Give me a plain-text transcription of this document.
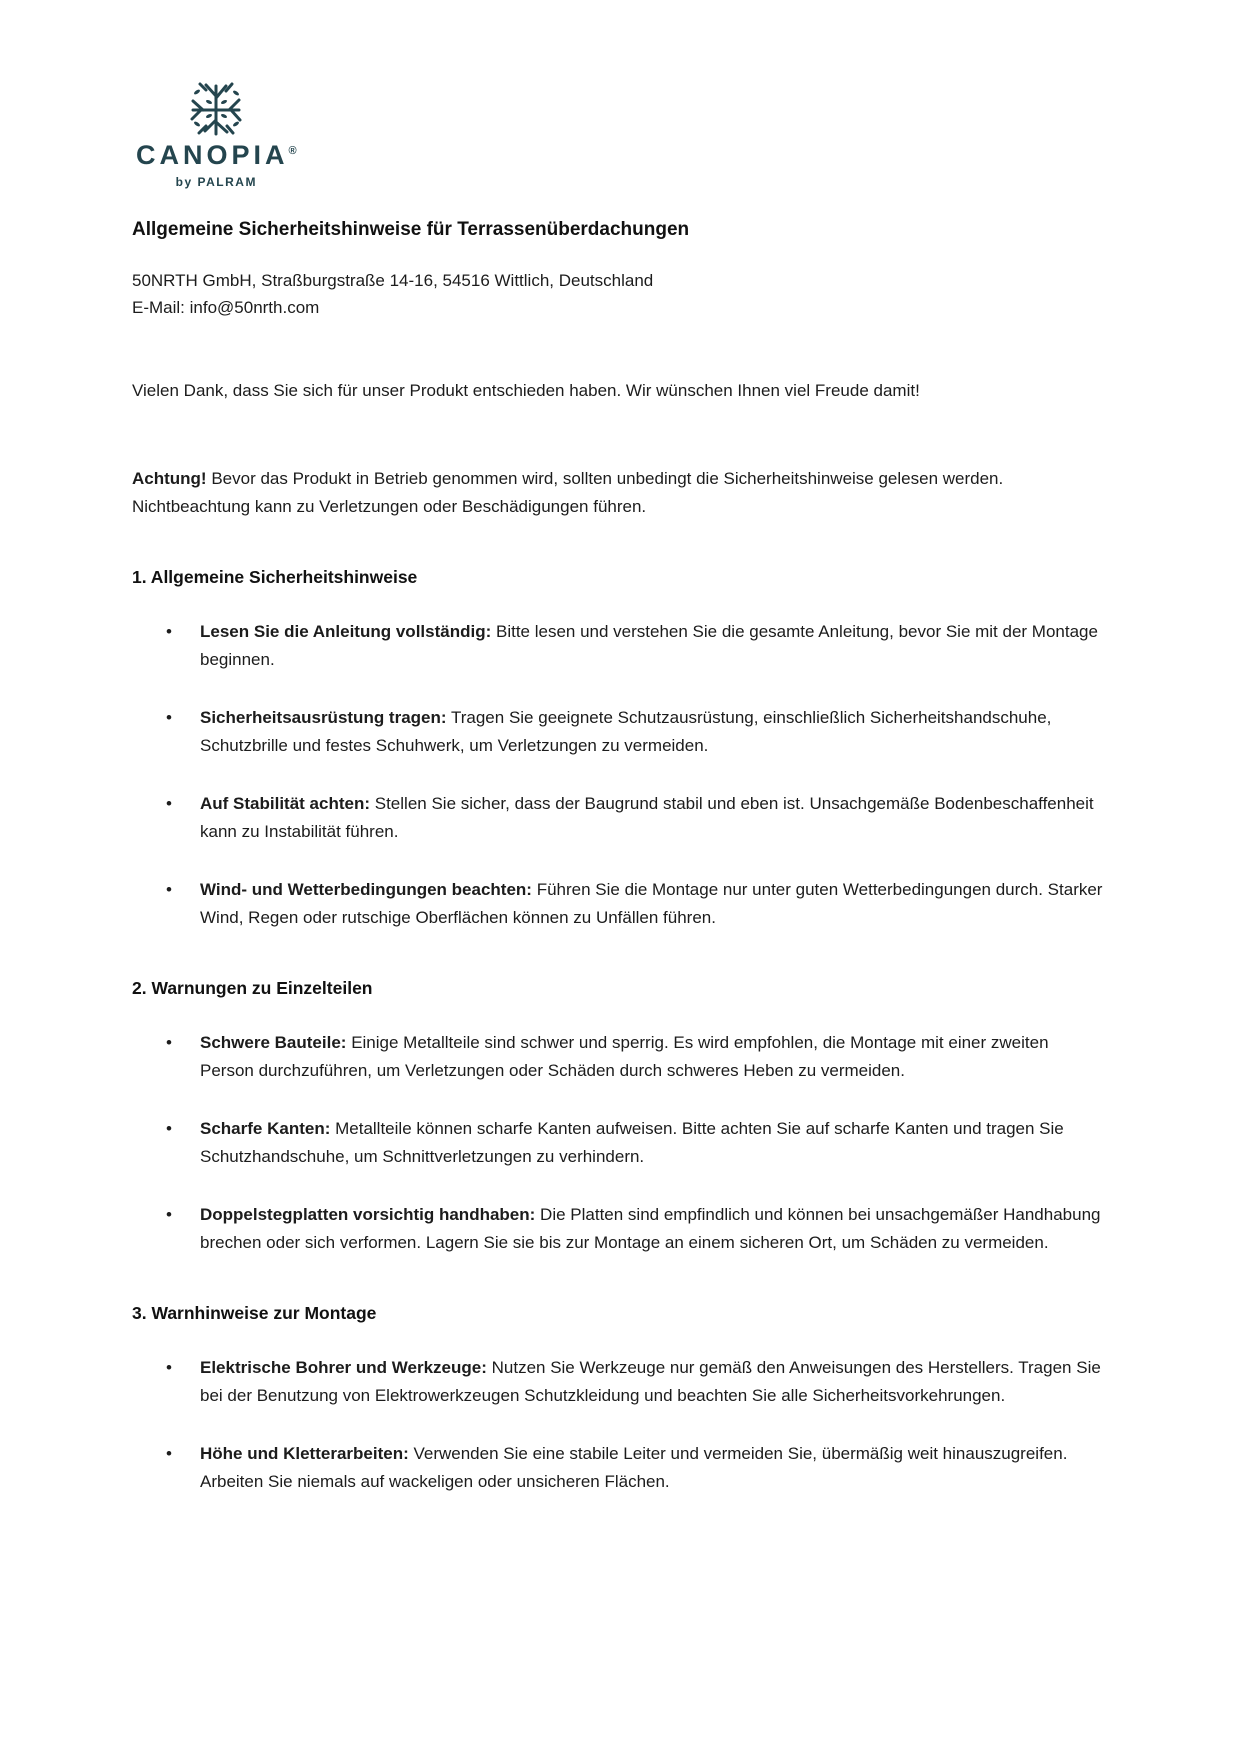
CANOPIA®
by PALRAM
Allgemeine Sicherheitshinweise für Terrassenüberdachungen
50NRTH GmbH, Straßburgstraße 14-16, 54516 Wittlich, Deutschland
E-Mail: info@50nrth.com

Vielen Dank, dass Sie sich für unser Produkt entschieden haben. Wir wünschen Ihnen viel Freude damit!

Achtung! Bevor das Produkt in Betrieb genommen wird, sollten unbedingt die Sicherheitshinweise gelesen werden. Nichtbeachtung kann zu Verletzungen oder Beschädigungen führen.

1. Allgemeine Sicherheitshinweise
• Lesen Sie die Anleitung vollständig: Bitte lesen und verstehen Sie die gesamte Anleitung, bevor Sie mit der Montage beginnen.
• Sicherheitsausrüstung tragen: Tragen Sie geeignete Schutzausrüstung, einschließlich Sicherheitshandschuhe, Schutzbrille und festes Schuhwerk, um Verletzungen zu vermeiden.
• Auf Stabilität achten: Stellen Sie sicher, dass der Baugrund stabil und eben ist. Unsachgemäße Bodenbeschaffenheit kann zu Instabilität führen.
• Wind- und Wetterbedingungen beachten: Führen Sie die Montage nur unter guten Wetterbedingungen durch. Starker Wind, Regen oder rutschige Oberflächen können zu Unfällen führen.
2. Warnungen zu Einzelteilen
• Schwere Bauteile: Einige Metallteile sind schwer und sperrig. Es wird empfohlen, die Montage mit einer zweiten Person durchzuführen, um Verletzungen oder Schäden durch schweres Heben zu vermeiden.
• Scharfe Kanten: Metallteile können scharfe Kanten aufweisen. Bitte achten Sie auf scharfe Kanten und tragen Sie Schutzhandschuhe, um Schnittverletzungen zu verhindern.
• Doppelstegplatten vorsichtig handhaben: Die Platten sind empfindlich und können bei unsachgemäßer Handhabung brechen oder sich verformen. Lagern Sie sie bis zur Montage an einem sicheren Ort, um Schäden zu vermeiden.
3. Warnhinweise zur Montage
• Elektrische Bohrer und Werkzeuge: Nutzen Sie Werkzeuge nur gemäß den Anweisungen des Herstellers. Tragen Sie bei der Benutzung von Elektrowerkzeugen Schutzkleidung und beachten Sie alle Sicherheitsvorkehrungen.
• Höhe und Kletterarbeiten: Verwenden Sie eine stabile Leiter und vermeiden Sie, übermäßig weit hinauszugreifen. Arbeiten Sie niemals auf wackeligen oder unsicheren Flächen.
